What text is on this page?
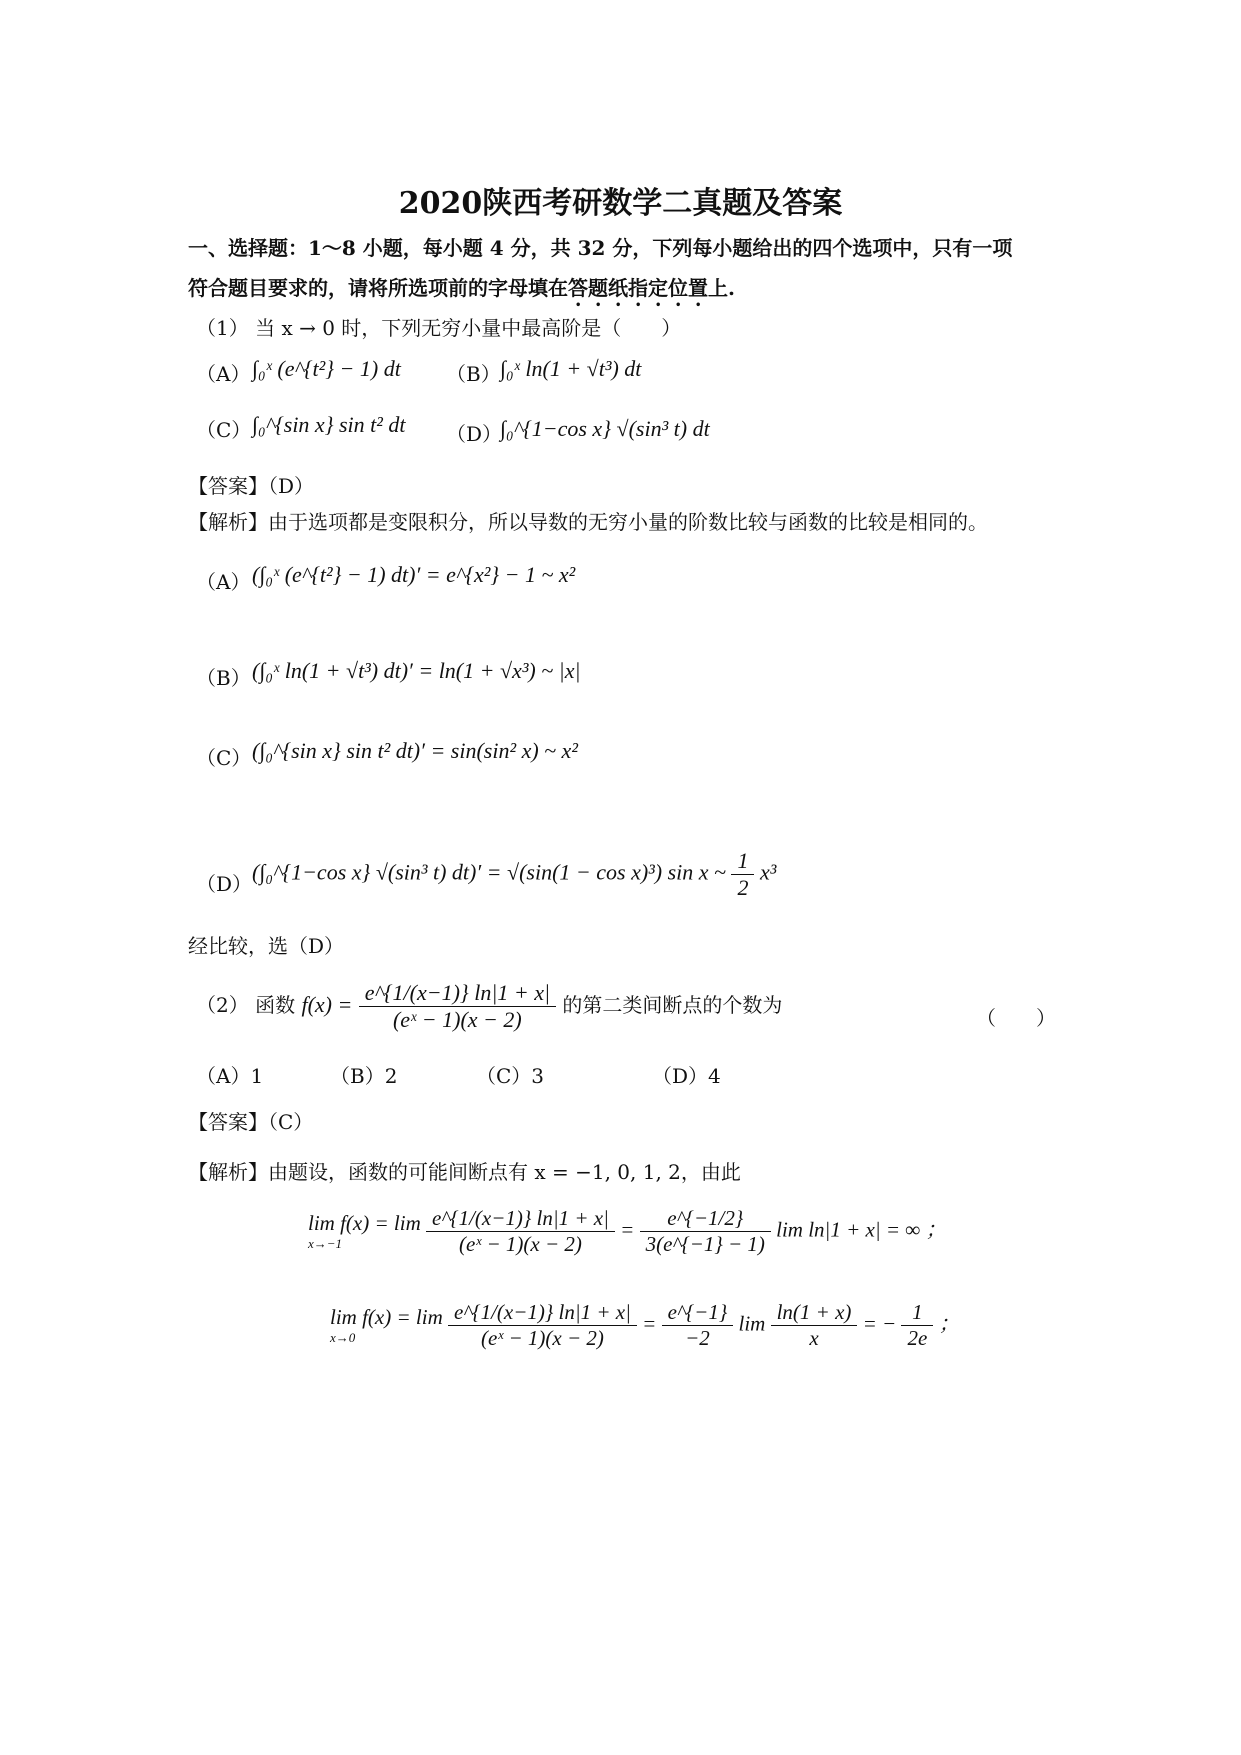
2020陕西考研数学二真题及答案
一、选择题：1～8 小题，每小题 4 分，共 32 分，下列每小题给出的四个选项中，只有一项
符合题目要求的，请将所选项前的字母填在答题纸指定位置上.
（1） 当 x → 0 时，下列无穷小量中最高阶是（　　）
（A） ∫₀ˣ (e^{t²} − 1) dt （B） ∫₀ˣ ln(1 + √t³) dt
（C） ∫₀^{sin x} sin t² dt （D）
∫₀^{1−cos x} √(sin³ t) dt
【答案】（D）
【解析】由于选项都是变限积分，所以导数的无穷小量的阶数比较与函数的比较是相同的。
（A） (∫₀ˣ (e^{t²} − 1) dt)′ = e^{x²} − 1 ~ x²
（B） (∫₀ˣ ln(1 + √t³) dt)′ = ln(1 + √x³) ~ |x|
（C） (∫₀^{sin x} sin t² dt)′ = sin(sin² x) ~ x²
（D） (∫₀^{1−cos x} √(sin³ t) dt)′ = √(sin(1 − cos x)³) sin x ~ $\frac{1}{2} x^3$
经比较，选（D）
（2） 函数 $f(x) = \frac{e\^{}\{1/(x-1)\} \ln|1 + x|}{\text{(eˣ − 1)(x − 2)}}$ 的第二类间断点的个数为
（　　）
（A）1	（B）2	（C）3	（D）4
【答案】（C）
【解析】由题设，函数的可能间断点有 x = −1, 0, 1, 2，由此
lim f(x) = lim
x→−1
	$\frac{e\^{}\{1/(x-1)\} \ln|1 + x|}{\text{(eˣ − 1)(x − 2)}} = \frac{e\^{}\{-1/2\}}{3(e\^{}\{-1\} - 1)}$ lim ln|1 + x| = ∞ ；
lim f(x) = lim
x→0
	$\frac{e\^{}\{1/(x-1)\} \ln|1 + x|}{\text{(eˣ − 1)(x − 2)}} = \frac{e\^{}\{-1\}}{-2}$ $\lim \frac{\ln(1 + x)}{x}$ = − $\frac{1}{2e}$ ；
